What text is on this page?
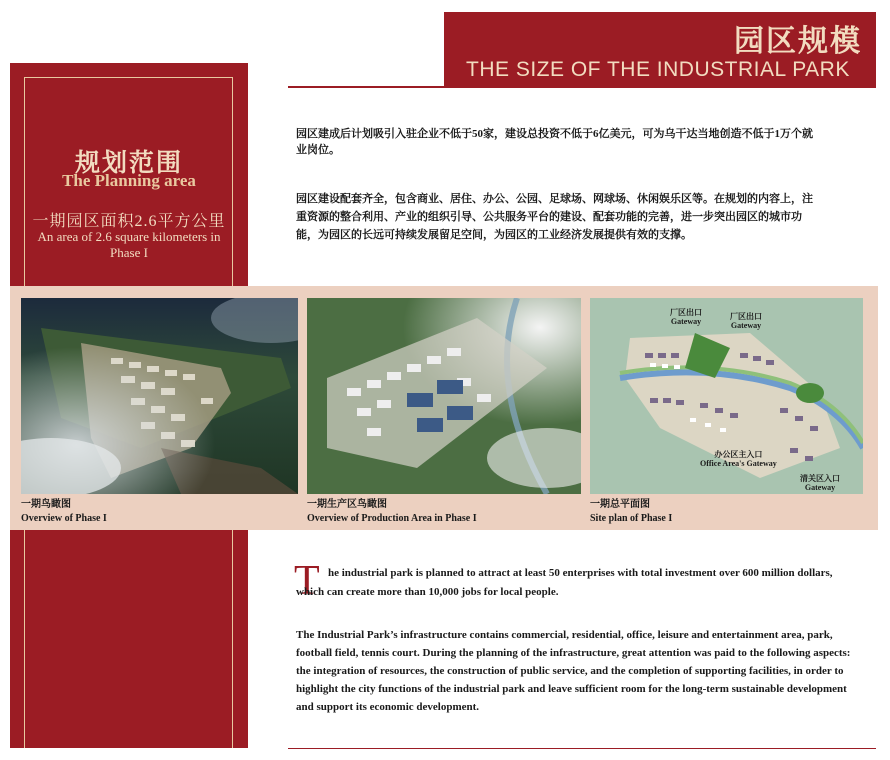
园区规模
THE SIZE OF THE INDUSTRIAL PARK
规划范围
The Planning area
一期园区面积2.6平方公里
An area of 2.6 square kilometers in Phase I
园区建成后计划吸引入驻企业不低于50家，建设总投资不低于6亿美元，可为乌干达当地创造不低于1万个就业岗位。
园区建设配套齐全，包含商业、居住、办公、公园、足球场、网球场、休闲娱乐区等。在规划的内容上，注重资源的整合利用、产业的组织引导、公共服务平台的建设、配套功能的完善，进一步突出园区的城市功能，为园区的长远可持续发展留足空间，为园区的工业经济发展提供有效的支撑。
厂区出口
Gateway
厂区出口
Gateway
办公区主入口
Office Area's Gateway
清关区入口
Gateway
一期鸟瞰图
Overview of Phase I
一期生产区鸟瞰图
Overview of Production Area in Phase I
一期总平面图
Site plan of Phase I
T he industrial park is planned to attract at least 50 enterprises with total investment over 600 million dollars, which can create more than 10,000 jobs for local people.
The Industrial Park’s infrastructure contains commercial, residential, office, leisure and entertainment area, park, football field, tennis court. During the planning of the infrastructure, great attention was paid to the following aspects: the integration of resources, the construction of public service, and the completion of supporting facilities, in order to highlight the city functions of the industrial park and leave sufficient room for the long-term sustainable development and support its economic development.
